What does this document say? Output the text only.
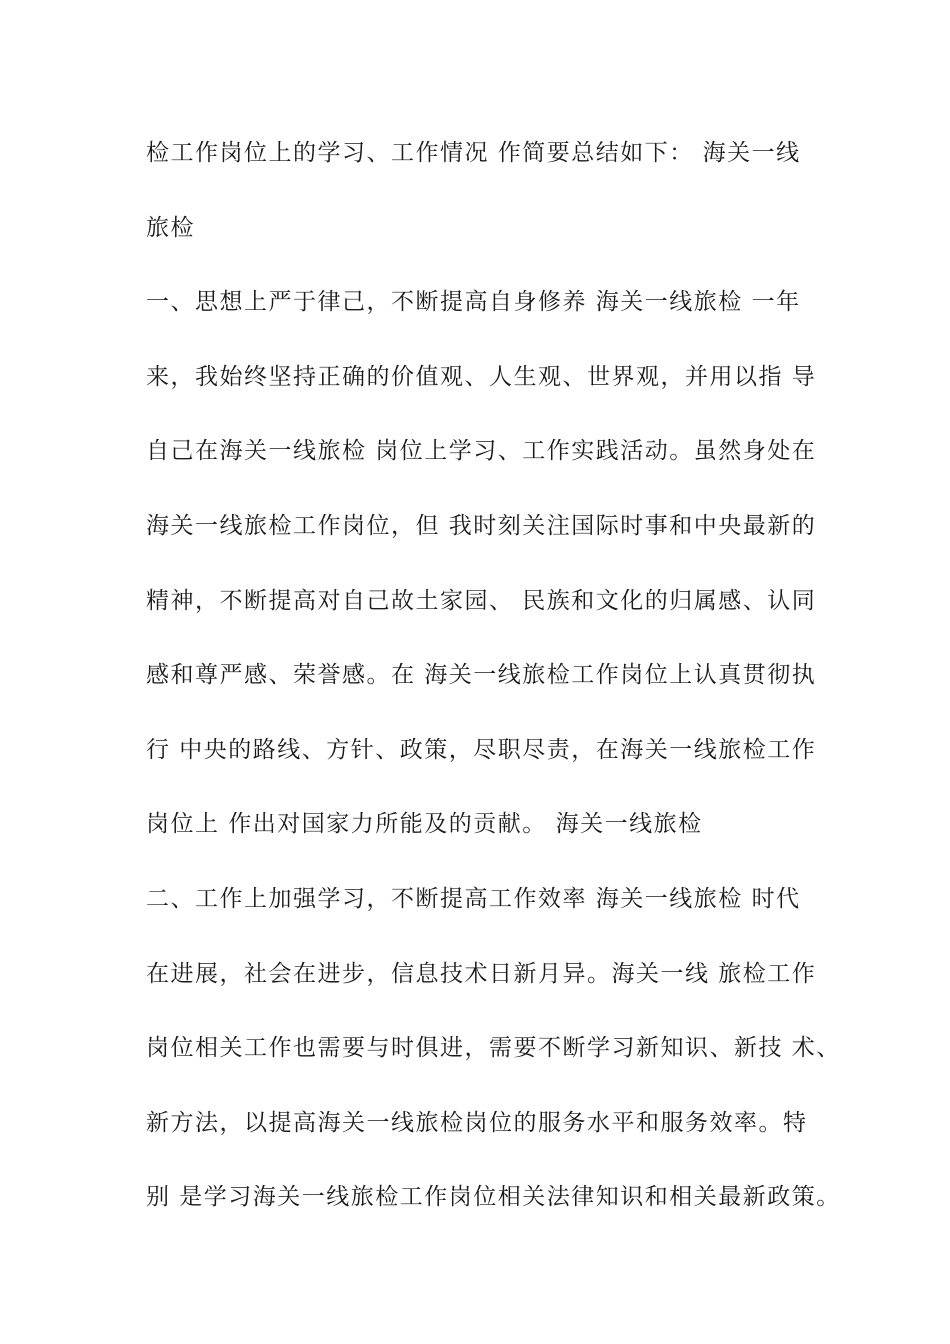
检工作岗位上的学习、工作情况 作简要总结如下： 海关一线
旅检
一、思想上严于律己，不断提高自身修养 海关一线旅检 一年
来，我始终坚持正确的价值观、人生观、世界观，并用以指 导
自己在海关一线旅检 岗位上学习、工作实践活动。虽然身处在
海关一线旅检工作岗位，但 我时刻关注国际时事和中央最新的
精神，不断提高对自己故土家园、 民族和文化的归属感、认同
感和尊严感、荣誉感。在 海关一线旅检工作岗位上认真贯彻执
行 中央的路线、方针、政策，尽职尽责，在海关一线旅检工作
岗位上 作出对国家力所能及的贡献。 海关一线旅检
二、工作上加强学习，不断提高工作效率 海关一线旅检 时代
在进展，社会在进步，信息技术日新月异。海关一线 旅检工作
岗位相关工作也需要与时俱进，需要不断学习新知识、新技 术、
新方法，以提高海关一线旅检岗位的服务水平和服务效率。特
别 是学习海关一线旅检工作岗位相关法律知识和相关最新政策。
